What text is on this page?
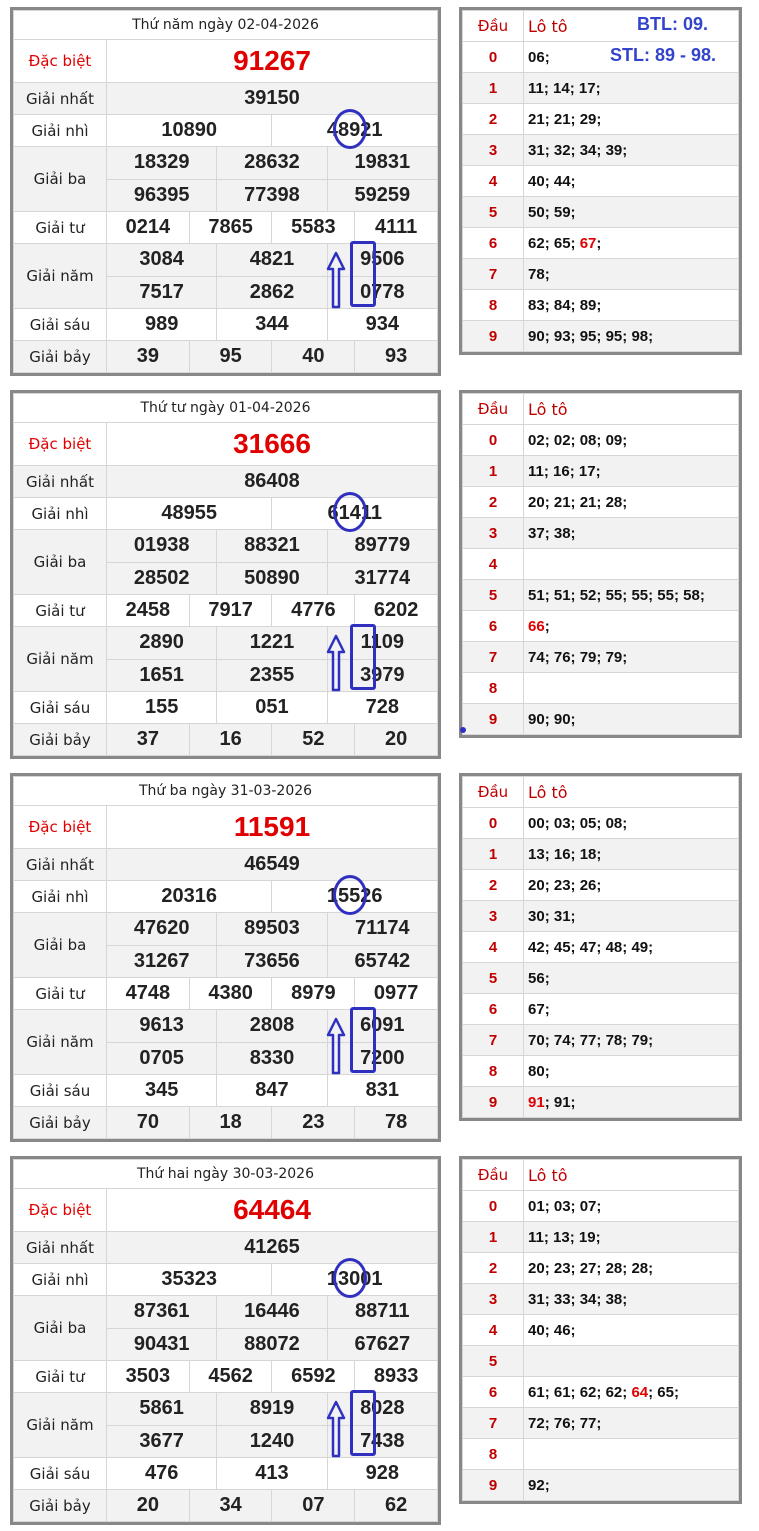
Thứ năm ngày 02-04-2026						
Đặc biệt	91267					
Giải nhất	39150					
Giải nhì	10890			48921		
Giải ba	18329		28632		19831	
	96395		77398		59259	
Giải tư	0214	7865		5583		4111
Giải năm	3084		4821		9506	
	7517		2862		0778	
Giải sáu	989		344		934	
Giải bảy	39	95		40		93
Đầu	Lô tô
0	06;
1	11; 14; 17;
2	21; 21; 29;
3	31; 32; 34; 39;
4	40; 44;
5	50; 59;
6	62; 65; 67;
7	78;
8	83; 84; 89;
9	90; 93; 95; 95; 98;
BTL: 09.
STL: 89 - 98.
Thứ tư ngày 01-04-2026						
Đặc biệt	31666					
Giải nhất	86408					
Giải nhì	48955			61411		
Giải ba	01938		88321		89779	
	28502		50890		31774	
Giải tư	2458	7917		4776		6202
Giải năm	2890		1221		1109	
	1651		2355		3979	
Giải sáu	155		051		728	
Giải bảy	37	16		52		20
Đầu	Lô tô
0	02; 02; 08; 09;
1	11; 16; 17;
2	20; 21; 21; 28;
3	37; 38;
4	
5	51; 51; 52; 55; 55; 55; 58;
6	66;
7	74; 76; 79; 79;
8	
9	90; 90;
Thứ ba ngày 31-03-2026						
Đặc biệt	11591					
Giải nhất	46549					
Giải nhì	20316			15526		
Giải ba	47620		89503		71174	
	31267		73656		65742	
Giải tư	4748	4380		8979		0977
Giải năm	9613		2808		6091	
	0705		8330		7200	
Giải sáu	345		847		831	
Giải bảy	70	18		23		78
Đầu	Lô tô
0	00; 03; 05; 08;
1	13; 16; 18;
2	20; 23; 26;
3	30; 31;
4	42; 45; 47; 48; 49;
5	56;
6	67;
7	70; 74; 77; 78; 79;
8	80;
9	91; 91;
Thứ hai ngày 30-03-2026						
Đặc biệt	64464					
Giải nhất	41265					
Giải nhì	35323			13001		
Giải ba	87361		16446		88711	
	90431		88072		67627	
Giải tư	3503	4562		6592		8933
Giải năm	5861		8919		8028	
	3677		1240		7438	
Giải sáu	476		413		928	
Giải bảy	20	34		07		62
Đầu	Lô tô
0	01; 03; 07;
1	11; 13; 19;
2	20; 23; 27; 28; 28;
3	31; 33; 34; 38;
4	40; 46;
5	
6	61; 61; 62; 62; 64; 65;
7	72; 76; 77;
8	
9	92;
